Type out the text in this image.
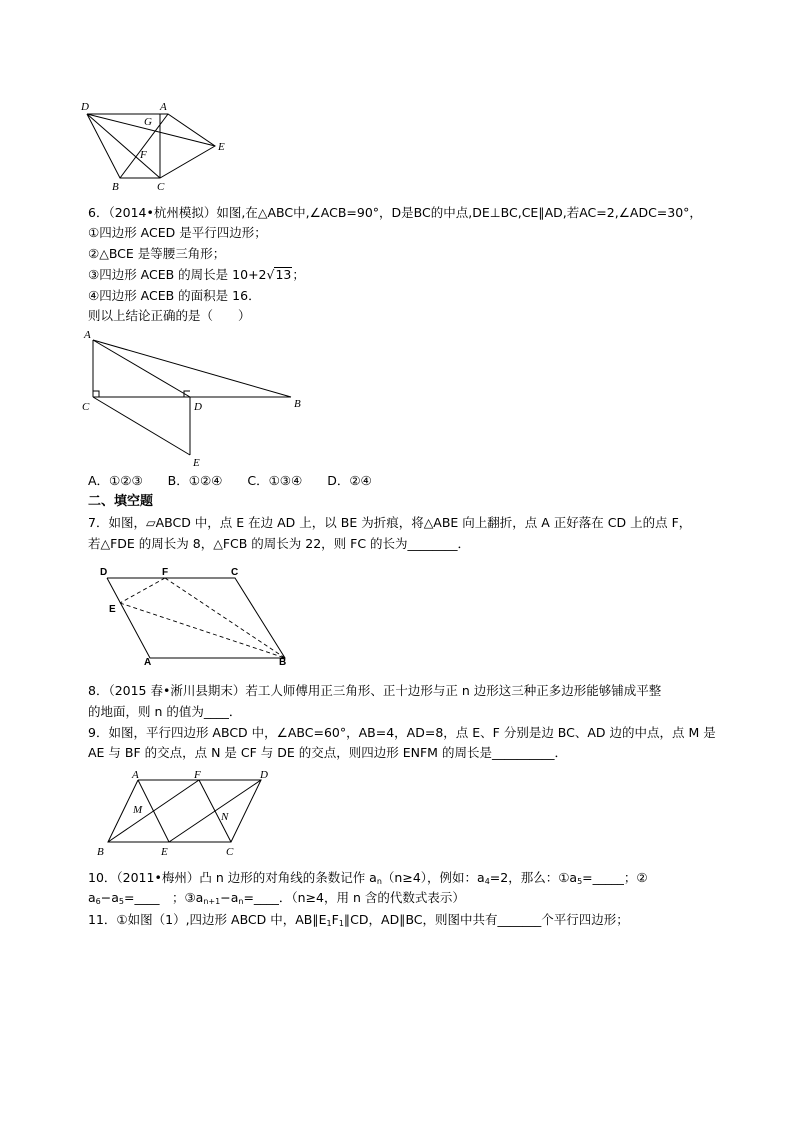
D	A
G
F
E
B	C
6．（2014•杭州模拟）如图,在△ABC中,∠ACB=90°，D是BC的中点,DE⊥BC,CE∥AD,若AC=2,∠ADC=30°，
①四边形 ACED 是平行四边形；
②△BCE 是等腰三角形；
③四边形 ACEB 的周长是 10+2√13；
④四边形 ACEB 的面积是 16．
则以上结论正确的是（　　）
A
C	D	B
E
A．①②③　　B．①②④　　C．①③④　　D．②④
二、填空题
7．如图，▱ABCD 中，点 E 在边 AD 上，以 BE 为折痕，将△ABE 向上翻折，点 A 正好落在 CD 上的点 F，
若△FDE 的周长为 8，△FCB 的周长为 22，则 FC 的长为________．
D	F	C
E
A	B
8．（2015 春•淅川县期末）若工人师傅用正三角形、正十边形与正 n 边形这三种正多边形能够铺成平整
的地面，则 n 的值为____．
9．如图，平行四边形 ABCD 中，∠ABC=60°，AB=4，AD=8，点 E、F 分别是边 BC、AD 边的中点，点 M 是
AE 与 BF 的交点，点 N 是 CF 与 DE 的交点，则四边形 ENFM 的周长是__________．
A	F	D
M
N
B	E	C
10．（2011•梅州）凸 n 边形的对角线的条数记作 $a_n(n\ge 4)$，例如：$a_4=2$，那么：$①a_5=\_\_\_\_\_$；②
$a_6-a_5=\_\_\_\_$　；$③a_{n+1}-a_n=\_\_\_\_$．（n≥4，用 n 含的代数式表示）
11．①如图（1）,四边形 ABCD 中，$AB\parallel E_1F_1\parallel CD$，AD∥BC，则图中共有_______个平行四边形；
